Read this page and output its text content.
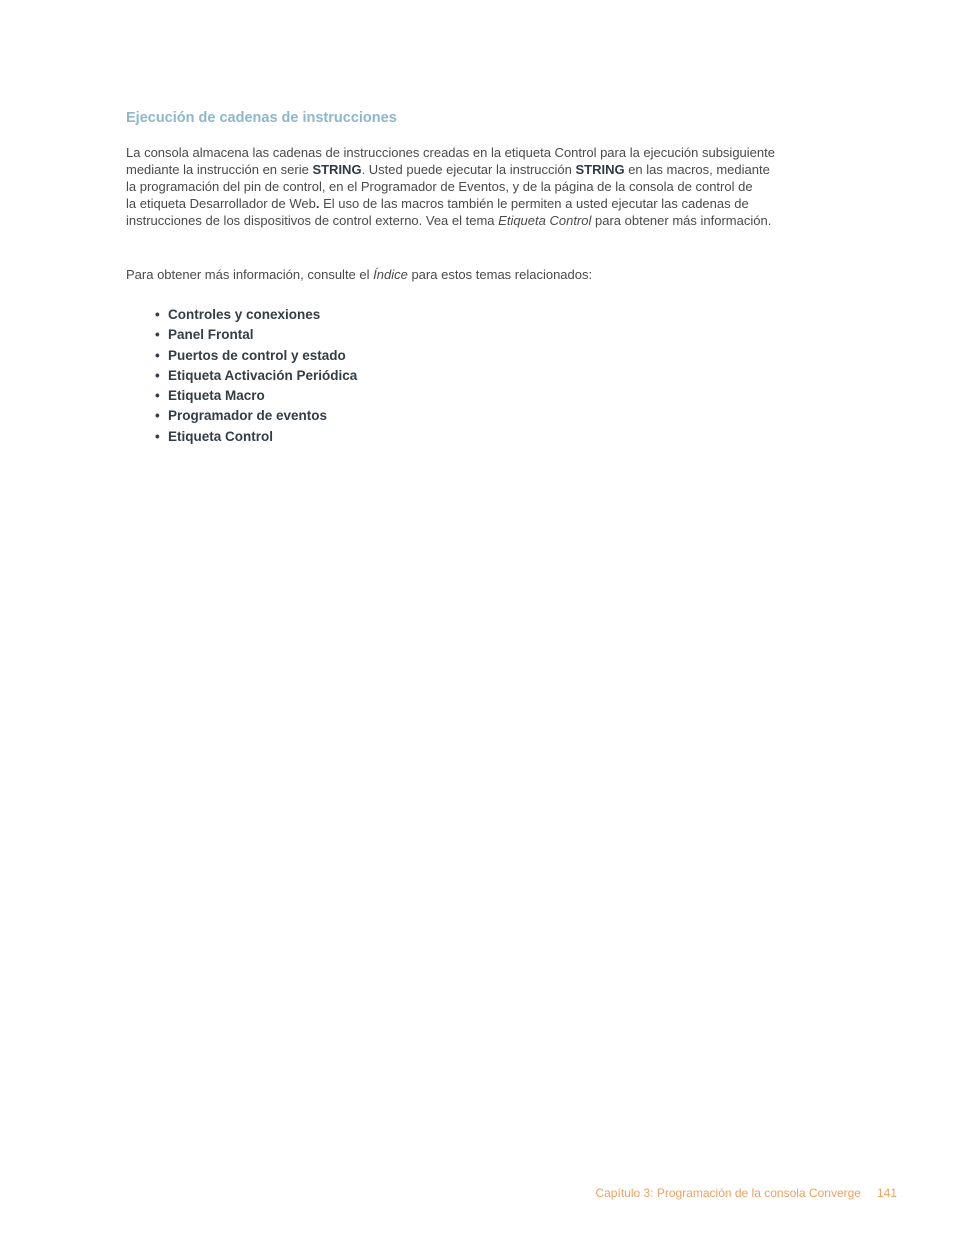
Ejecución de cadenas de instrucciones

La consola almacena las cadenas de instrucciones creadas en la etiqueta Control para la ejecución subsiguiente
mediante la instrucción en serie STRING. Usted puede ejecutar la instrucción STRING en las macros, mediante
la programación del pin de control, en el Programador de Eventos, y de la página de la consola de control de
la etiqueta Desarrollador de Web. El uso de las macros también le permiten a usted ejecutar las cadenas de
instrucciones de los dispositivos de control externo. Vea el tema Etiqueta Control para obtener más información.

Para obtener más información, consulte el Índice para estos temas relacionados:

• Controles y conexiones
• Panel Frontal
• Puertos de control y estado
• Etiqueta Activación Periódica
• Etiqueta Macro
• Programador de eventos
• Etiqueta Control
Capítulo 3: Programación de la consola Converge 141
